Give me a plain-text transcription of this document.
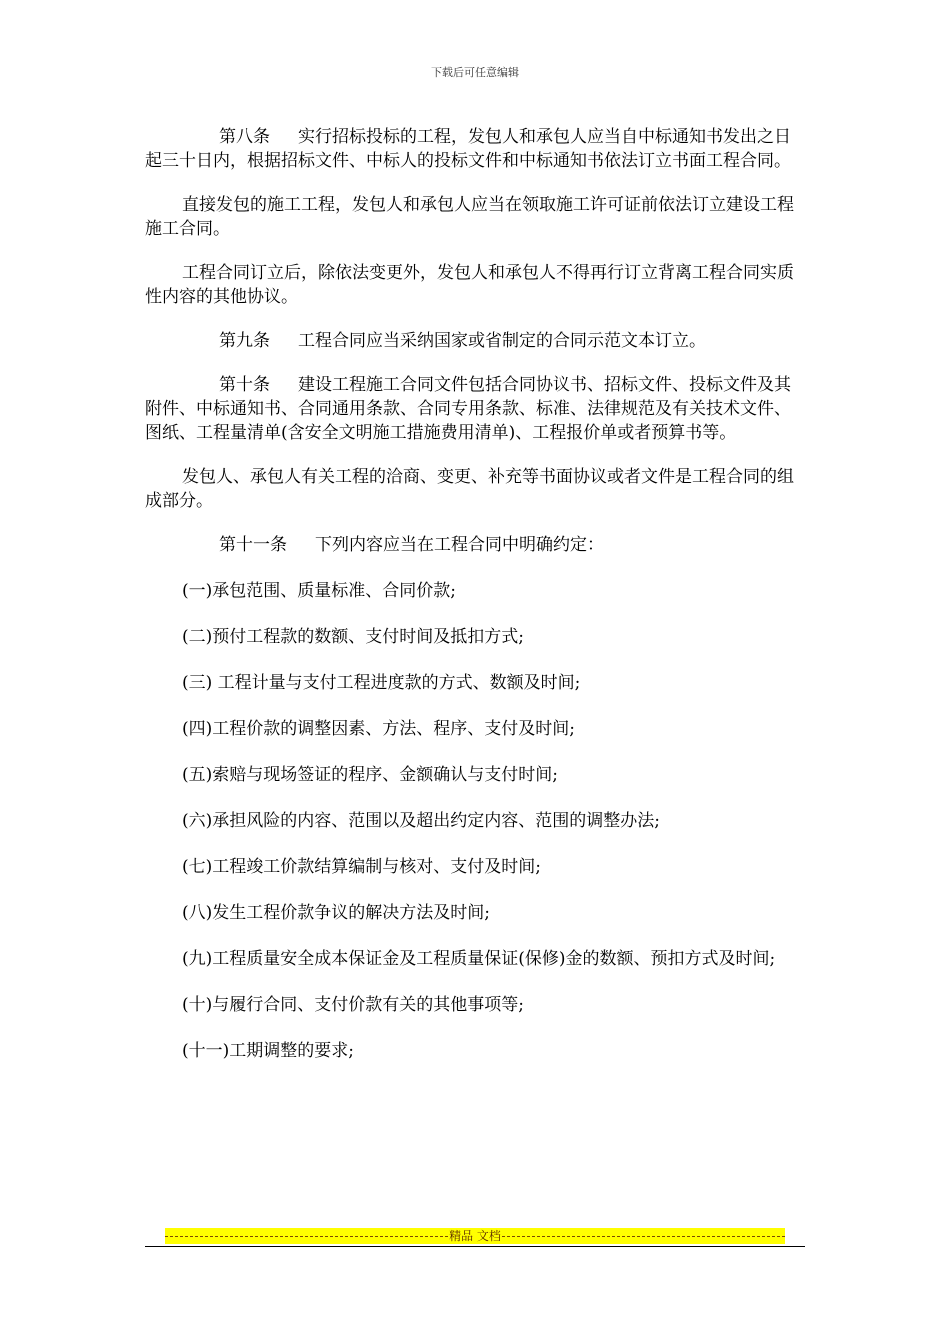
下载后可任意编辑

第八条 实行招标投标的工程，发包人和承包人应当自中标通知书发出之日起三十日内，根据招标文件、中标人的投标文件和中标通知书依法订立书面工程合同。

直接发包的施工工程，发包人和承包人应当在领取施工许可证前依法订立建设工程施工合同。

工程合同订立后，除依法变更外，发包人和承包人不得再行订立背离工程合同实质性内容的其他协议。

第九条 工程合同应当采纳国家或省制定的合同示范文本订立。

第十条 建设工程施工合同文件包括合同协议书、招标文件、投标文件及其附件、中标通知书、合同通用条款、合同专用条款、标准、法律规范及有关技术文件、图纸、工程量清单(含安全文明施工措施费用清单)、工程报价单或者预算书等。

发包人、承包人有关工程的洽商、变更、补充等书面协议或者文件是工程合同的组成部分。

第十一条 下列内容应当在工程合同中明确约定：

(一)承包范围、质量标准、合同价款;

(二)预付工程款的数额、支付时间及抵扣方式;

(三) 工程计量与支付工程进度款的方式、数额及时间;

(四)工程价款的调整因素、方法、程序、支付及时间;

(五)索赔与现场签证的程序、金额确认与支付时间;

(六)承担风险的内容、范围以及超出约定内容、范围的调整办法;

(七)工程竣工价款结算编制与核对、支付及时间;

(八)发生工程价款争议的解决方法及时间;

(九)工程质量安全成本保证金及工程质量保证(保修)金的数额、预扣方式及时间;

(十)与履行合同、支付价款有关的其他事项等;

(十一)工期调整的要求;

精品 文档
